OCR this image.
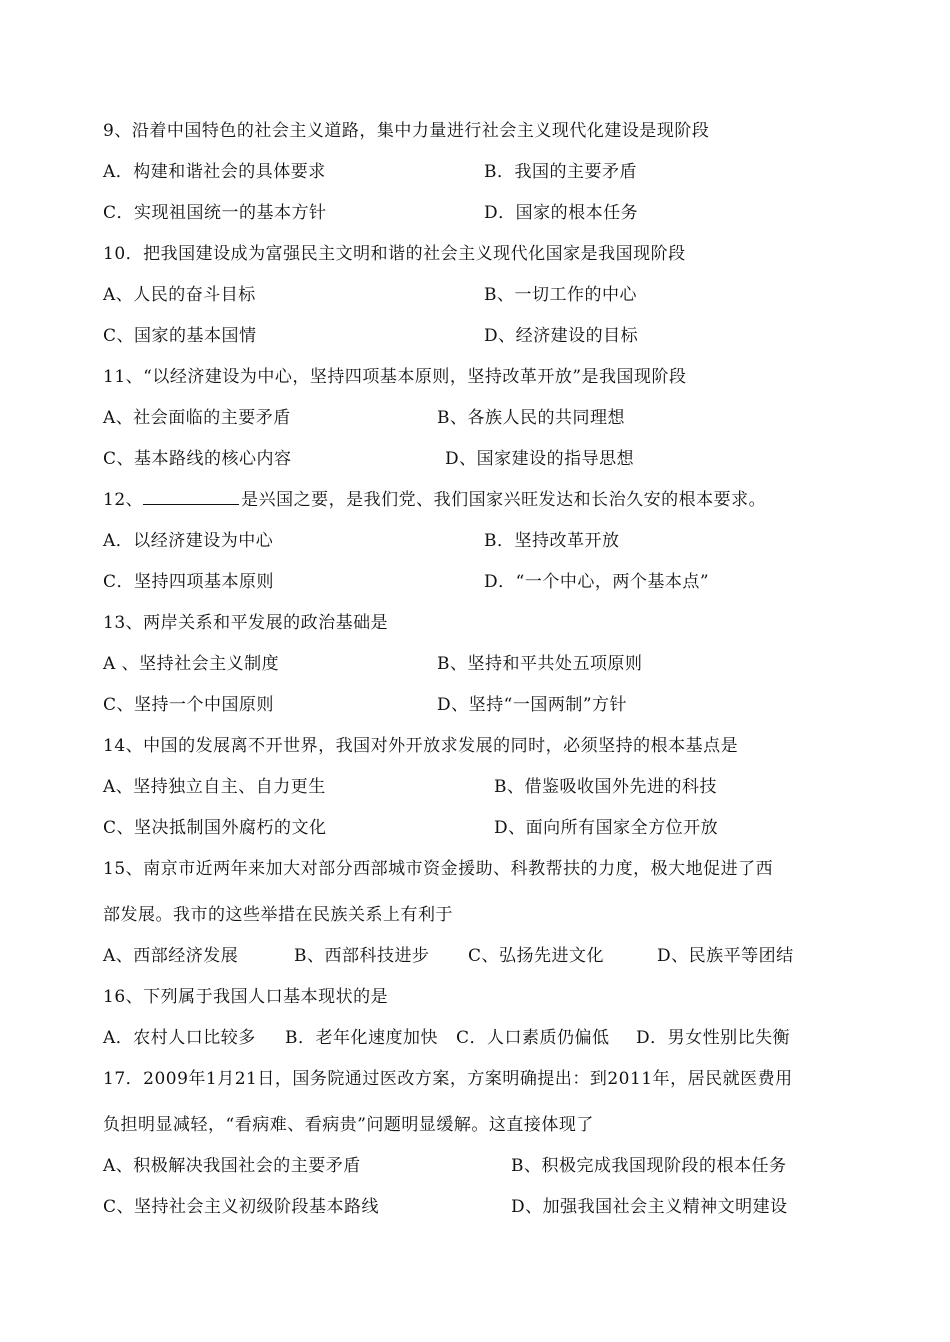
9、沿着中国特色的社会主义道路，集中力量进行社会主义现代化建设是现阶段
A．构建和谐社会的具体要求	B．我国的主要矛盾
C．实现祖国统一的基本方针	D．国家的根本任务
10．把我国建设成为富强民主文明和谐的社会主义现代化国家是我国现阶段
A、人民的奋斗目标	B、一切工作的中心
C、国家的基本国情	D、经济建设的目标
11、“以经济建设为中心，坚持四项基本原则，坚持改革开放”是我国现阶段
A、社会面临的主要矛盾	B、各族人民的共同理想
C、基本路线的核心内容	D、国家建设的指导思想
12、	是兴国之要，是我们党、我们国家兴旺发达和长治久安的根本要求。
A．以经济建设为中心	B．坚持改革开放
C．坚持四项基本原则	D．“一个中心，两个基本点”
13、两岸关系和平发展的政治基础是
A 、坚持社会主义制度	B、坚持和平共处五项原则
C、坚持一个中国原则	D、坚持“一国两制”方针
14、中国的发展离不开世界，我国对外开放求发展的同时，必须坚持的根本基点是
A、坚持独立自主、自力更生	B、借鉴吸收国外先进的科技
C、坚决抵制国外腐朽的文化	D、面向所有国家全方位开放
15、南京市近两年来加大对部分西部城市资金援助、科教帮扶的力度，极大地促进了西
部发展。我市的这些举措在民族关系上有利于
A、西部经济发展	B、西部科技进步 C、弘扬先进文化	D、民族平等团结
16、下列属于我国人口基本现状的是
A．农村人口比较多 B．老年化速度加快 C．人口素质仍偏低 D．男女性别比失衡
17．2009年1月21日，国务院通过医改方案，方案明确提出：到2011年，居民就医费用
负担明显减轻，“看病难、看病贵”问题明显缓解。这直接体现了
A、积极解决我国社会的主要矛盾	B、积极完成我国现阶段的根本任务
C、坚持社会主义初级阶段基本路线	D、加强我国社会主义精神文明建设
